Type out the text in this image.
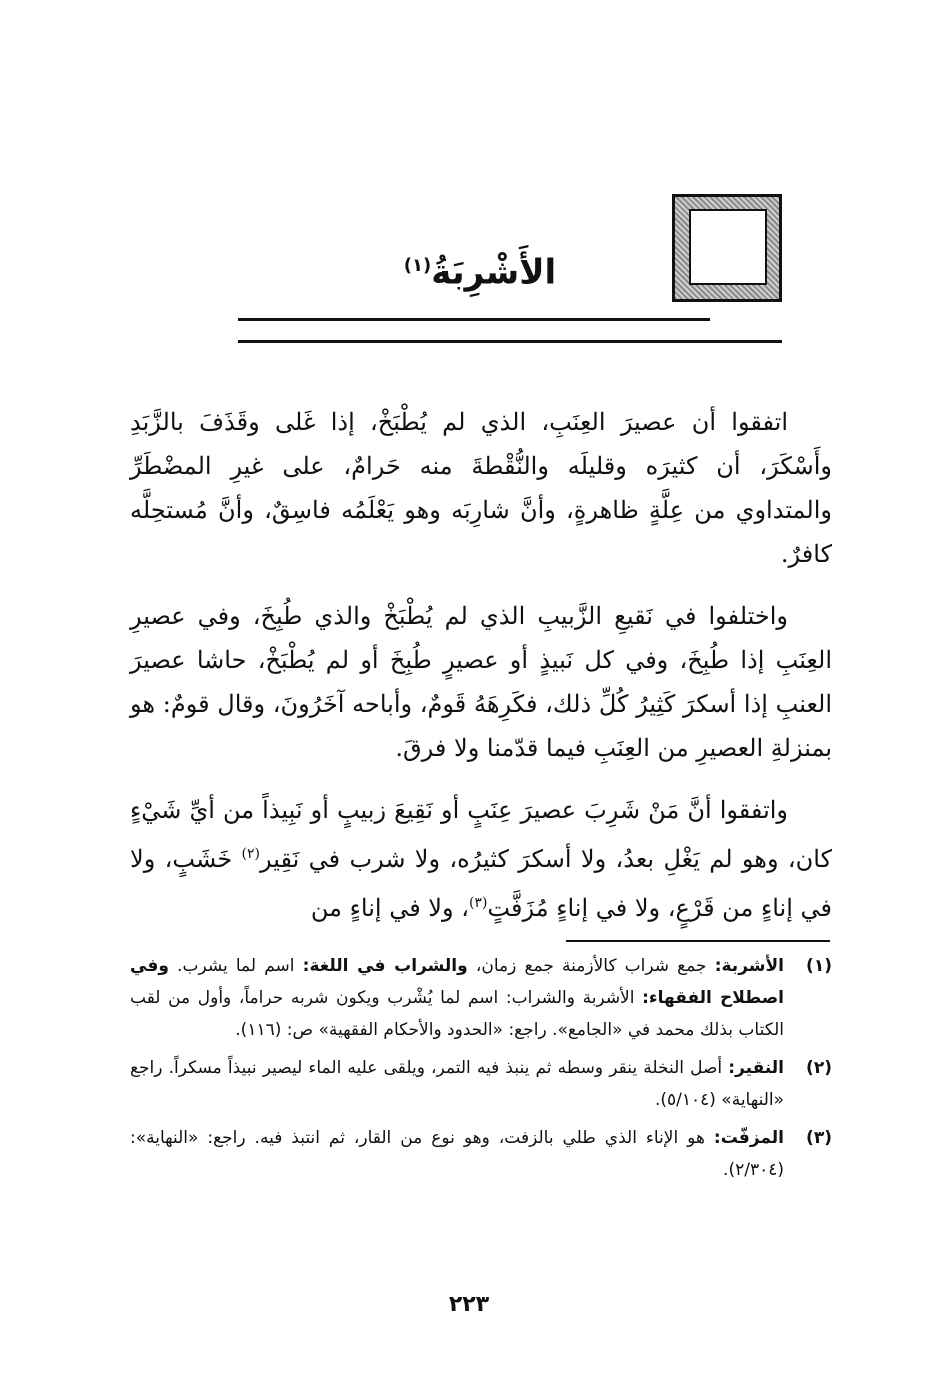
الأَشْرِبَةُ$^{(١)}$

اتفقوا أن عصيرَ العِنَبِ، الذي لم يُطْبَخْ، إذا غَلى وقَذَفَ بالزَّبَدِ وأَسْكَرَ، أن كثيرَه وقليلَه والنُّقْطةَ منه حَرامٌ، على غيرِ المضْطَرِّ والمتداوي من عِلَّةٍ ظاهرةٍ، وأنَّ شارِبَه وهو يَعْلَمُه فاسِقٌ، وأنَّ مُستحِلَّه كافرٌ.

واختلفوا في نَقيعِ الزَّبيبِ الذي لم يُطْبَخْ والذي طُبِخَ، وفي عصيرِ العِنَبِ إذا طُبِخَ، وفي كل نَبيذٍ أو عصيرٍ طُبِخَ أو لم يُطْبَخْ، حاشا عصيرَ العنبِ إذا أسكرَ كَثِيرُ كُلِّ ذلك، فكَرِهَهُ قَومٌ، وأباحه آخَرُونَ، وقال قومٌ: هو بمنزلةِ العصيرِ من العِنَبِ فيما قدّمنا ولا فرقَ.

واتفقوا أنَّ مَنْ شَرِبَ عصيرَ عِنَبٍ أو نَقِيعَ زبيبٍ أو نَبِيذاً من أيِّ شَيْءٍ كان، وهو لم يَغْلِ بعدُ، ولا أسكرَ كثيرُه، ولا شرب في نَقِير$^{(٢)}$ خَشَبٍ، ولا في إناءٍ من قَرْعٍ، ولا في إناءٍ مُزَفَّتٍ$^{(٣)}$، ولا في إناءٍ من

(١)
الأشربة: جمع شراب كالأزمنة جمع زمان، والشراب في اللغة: اسم لما يشرب. وفي اصطلاح الفقهاء: الأشربة والشراب: اسم لما يُشْرب ويكون شربه حراماً، وأول من لقب الكتاب بذلك محمد في «الجامع». راجع: «الحدود والأحكام الفقهية» ص: (١١٦).
(٢)
النقير: أصل النخلة ينقر وسطه ثم ينبذ فيه التمر، ويلقى عليه الماء ليصير نبيذاً مسكراً. راجع «النهاية» (٥/١٠٤).
(٣)
المزفّت: هو الإناء الذي طلي بالزفت، وهو نوع من القار، ثم انتبذ فيه. راجع: «النهاية»: (٢/٣٠٤).
٢٢٣
